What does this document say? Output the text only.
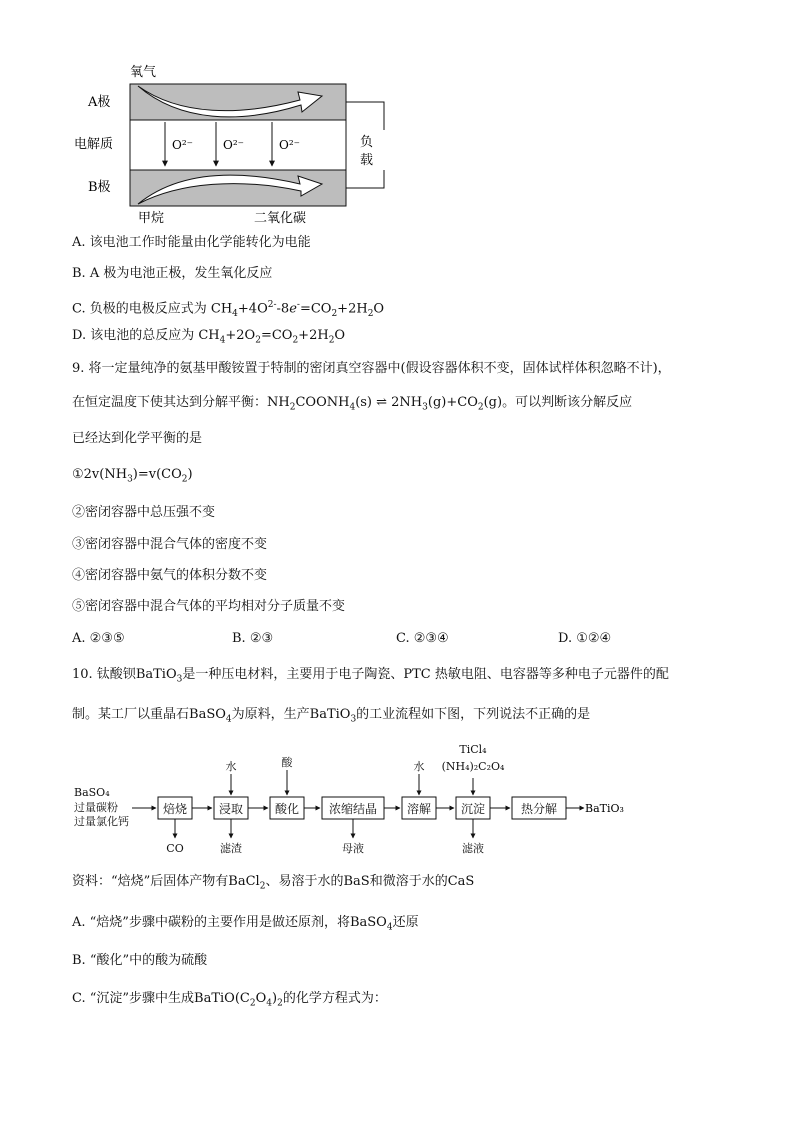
氧气
A极
电解质
B极
O²⁻	O²⁻	O²⁻	负
载
甲烷	二氧化碳
A. 该电池工作时能量由化学能转化为电能
B. A 极为电池正极，发生氧化反应
C. 负极的电极反应式为 $CH_4+4O^{2-}-8e^-=CO_2+2H_2O$
D. 该电池的总反应为 $CH_4+2O_2=CO_2+2H_2O$
9. 将一定量纯净的氨基甲酸铵置于特制的密闭真空容器中(假设容器体积不变，固体试样体积忽略不计)，
在恒定温度下使其达到分解平衡：$NH_2COONH_4(s)$ ⇌ $2NH_3(g)+CO_2(g)$。可以判断该分解反应
已经达到化学平衡的是
$①2v(NH_3)=v(CO_2)$
②密闭容器中总压强不变
③密闭容器中混合气体的密度不变
④密闭容器中氨气的体积分数不变
⑤密闭容器中混合气体的平均相对分子质量不变
A. ②③⑤	B. ②③	C. ②③④	D. ①②④
10. 钛酸钡BaTiO$_3$是一种压电材料，主要用于电子陶瓷、PTC 热敏电阻、电容器等多种电子元器件的配
制。某工厂以重晶石BaSO$_4$为原料，生产BaTiO$_3$的工业流程如下图，下列说法不正确的是
BaSO₄
过量碳粉
过量氯化钙
焙烧	浸取	酸化 浓缩结晶 溶解 沉淀	热分解	BaTiO₃
水	酸	水
TiCl₄
(NH₄)₂C₂O₄
CO	滤渣	母液	滤液
资料：“焙烧”后固体产物有BaCl$_2$、易溶于水的BaS和微溶于水的CaS
A. “焙烧”步骤中碳粉的主要作用是做还原剂，将BaSO$_4$还原
B. “酸化”中的酸为硫酸
C. “沉淀”步骤中生成$BaTiO(C_2O_4)_2$的化学方程式为：
